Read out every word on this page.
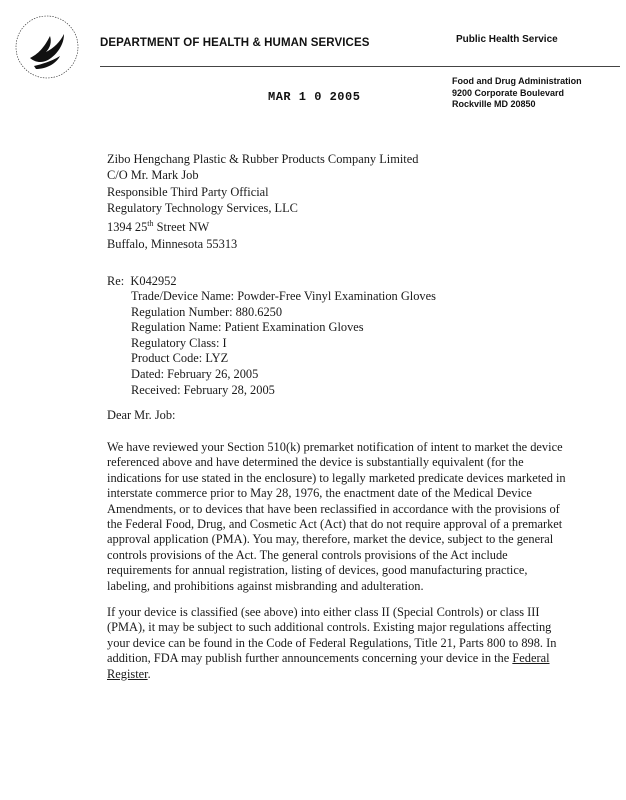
DEPARTMENT OF HEALTH & HUMAN SERVICES	Public Health Service
Food and Drug Administration
9200 Corporate Boulevard
Rockville MD 20850
MAR 1 0 2005
Zibo Hengchang Plastic & Rubber Products Company Limited
C/O Mr. Mark Job
Responsible Third Party Official
Regulatory Technology Services, LLC
1394 25th Street NW
Buffalo, Minnesota 55313
Re: K042952
Trade/Device Name: Powder-Free Vinyl Examination Gloves
Regulation Number: 880.6250
Regulation Name: Patient Examination Gloves
Regulatory Class: I
Product Code: LYZ
Dated: February 26, 2005
Received: February 28, 2005
Dear Mr. Job:
We have reviewed your Section 510(k) premarket notification of intent to market the device
referenced above and have determined the device is substantially equivalent (for the
indications for use stated in the enclosure) to legally marketed predicate devices marketed in
interstate commerce prior to May 28, 1976, the enactment date of the Medical Device
Amendments, or to devices that have been reclassified in accordance with the provisions of
the Federal Food, Drug, and Cosmetic Act (Act) that do not require approval of a premarket
approval application (PMA). You may, therefore, market the device, subject to the general
controls provisions of the Act. The general controls provisions of the Act include
requirements for annual registration, listing of devices, good manufacturing practice,
labeling, and prohibitions against misbranding and adulteration.
If your device is classified (see above) into either class II (Special Controls) or class III
(PMA), it may be subject to such additional controls. Existing major regulations affecting
your device can be found in the Code of Federal Regulations, Title 21, Parts 800 to 898. In
addition, FDA may publish further announcements concerning your device in the Federal
Register.
